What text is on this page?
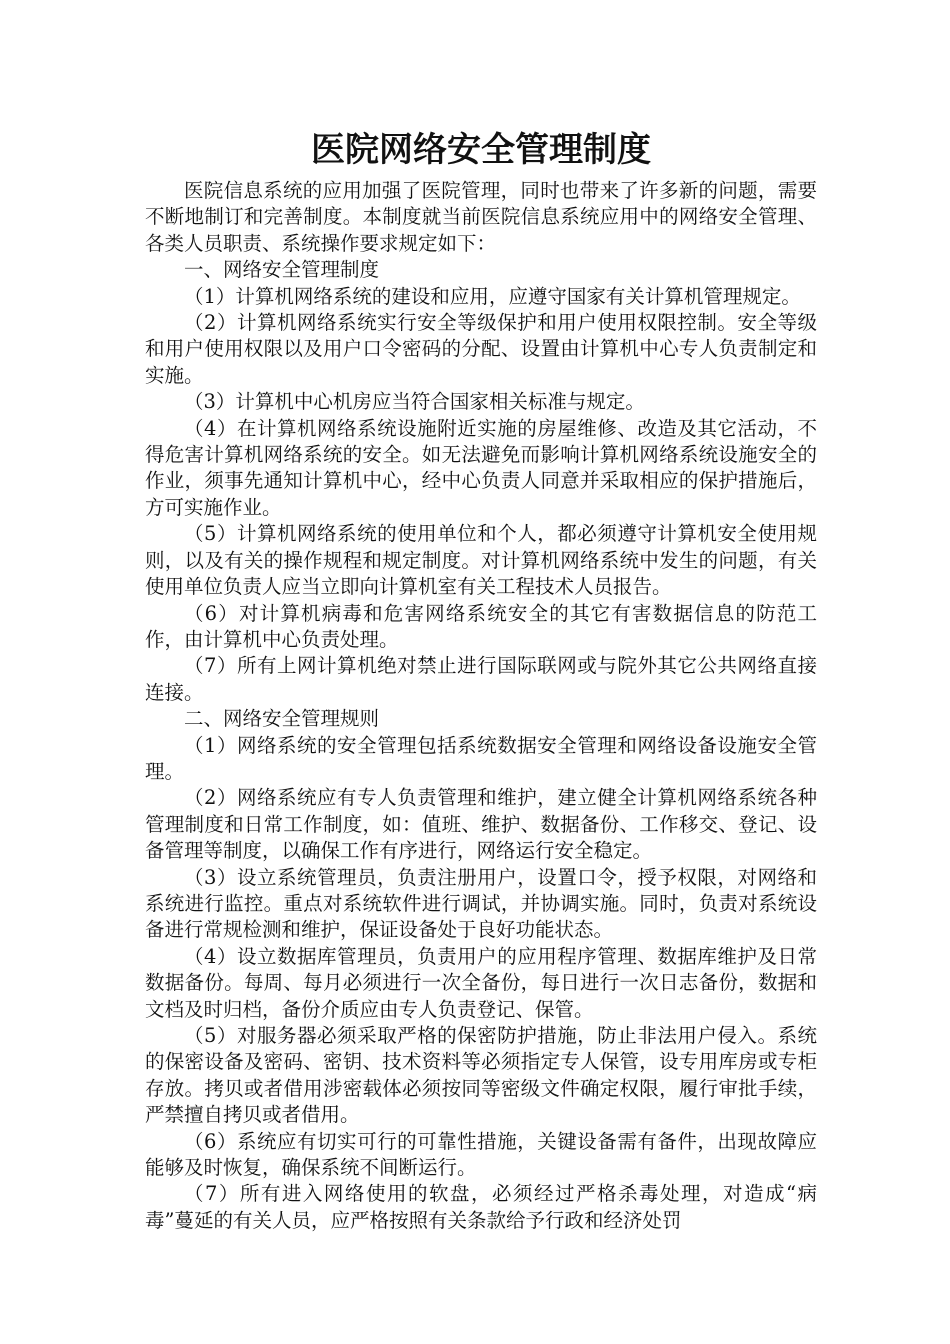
医院网络安全管理制度

医院信息系统的应用加强了医院管理，同时也带来了许多新的问题，需要不断地制订和完善制度。本制度就当前医院信息系统应用中的网络安全管理、各类人员职责、系统操作要求规定如下：

一、网络安全管理制度

（1）计算机网络系统的建设和应用，应遵守国家有关计算机管理规定。

（2）计算机网络系统实行安全等级保护和用户使用权限控制。安全等级和用户使用权限以及用户口令密码的分配、设置由计算机中心专人负责制定和实施。

（3）计算机中心机房应当符合国家相关标准与规定。

（4）在计算机网络系统设施附近实施的房屋维修、改造及其它活动，不得危害计算机网络系统的安全。如无法避免而影响计算机网络系统设施安全的作业，须事先通知计算机中心，经中心负责人同意并采取相应的保护措施后，方可实施作业。

（5）计算机网络系统的使用单位和个人，都必须遵守计算机安全使用规则，以及有关的操作规程和规定制度。对计算机网络系统中发生的问题，有关使用单位负责人应当立即向计算机室有关工程技术人员报告。

（6）对计算机病毒和危害网络系统安全的其它有害数据信息的防范工作，由计算机中心负责处理。

（7）所有上网计算机绝对禁止进行国际联网或与院外其它公共网络直接连接。

二、网络安全管理规则

（1）网络系统的安全管理包括系统数据安全管理和网络设备设施安全管理。

（2）网络系统应有专人负责管理和维护，建立健全计算机网络系统各种管理制度和日常工作制度，如：值班、维护、数据备份、工作移交、登记、设备管理等制度，以确保工作有序进行，网络运行安全稳定。

（3）设立系统管理员，负责注册用户，设置口令，授予权限，对网络和系统进行监控。重点对系统软件进行调试，并协调实施。同时，负责对系统设备进行常规检测和维护，保证设备处于良好功能状态。

（4）设立数据库管理员，负责用户的应用程序管理、数据库维护及日常数据备份。每周、每月必须进行一次全备份，每日进行一次日志备份，数据和文档及时归档，备份介质应由专人负责登记、保管。

（5）对服务器必须采取严格的保密防护措施，防止非法用户侵入。系统的保密设备及密码、密钥、技术资料等必须指定专人保管，设专用库房或专柜存放。拷贝或者借用涉密载体必须按同等密级文件确定权限，履行审批手续，严禁擅自拷贝或者借用。

（6）系统应有切实可行的可靠性措施，关键设备需有备件，出现故障应能够及时恢复，确保系统不间断运行。

（7）所有进入网络使用的软盘，必须经过严格杀毒处理，对造成“病毒”蔓延的有关人员，应严格按照有关条款给予行政和经济处罚
